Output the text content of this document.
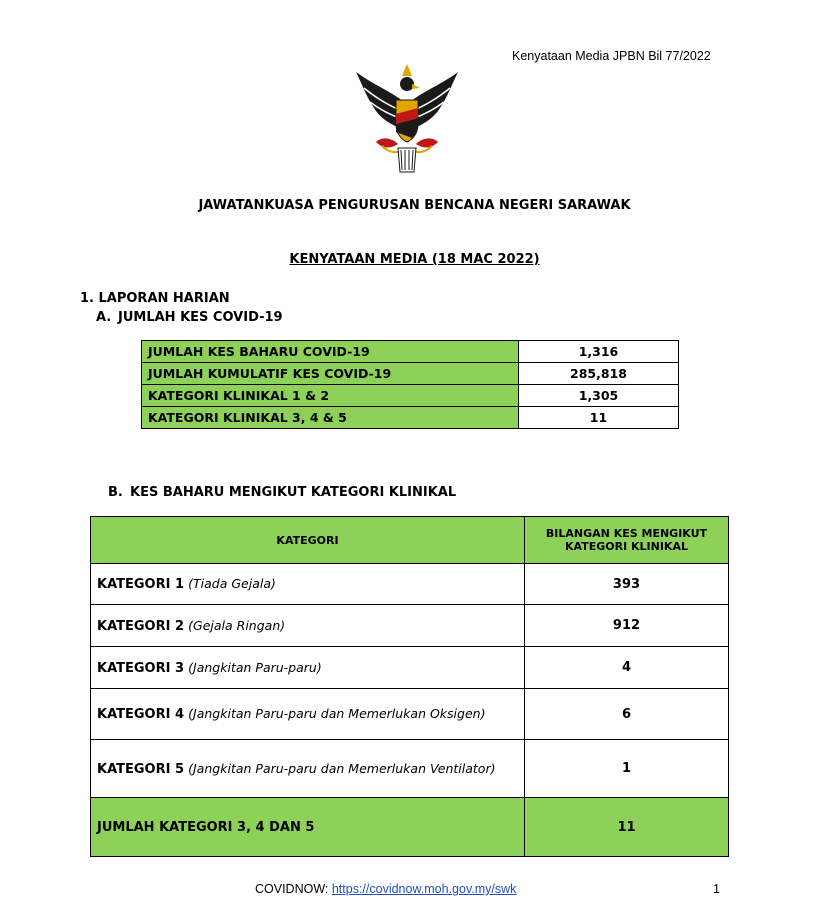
Kenyataan Media JPBN Bil 77/2022
JAWATANKUASA PENGURUSAN BENCANA NEGERI SARAWAK
KENYATAAN MEDIA (18 MAC 2022)
1. LAPORAN HARIAN
A. JUMLAH KES COVID-19
JUMLAH KES BAHARU COVID-19	1,316
JUMLAH KUMULATIF KES COVID-19	285,818
KATEGORI KLINIKAL 1 & 2	1,305
KATEGORI KLINIKAL 3, 4 & 5	11
B. KES BAHARU MENGIKUT KATEGORI KLINIKAL
KATEGORI	BILANGAN KES MENGIKUT KATEGORI KLINIKAL
KATEGORI 1 (Tiada Gejala)	393
KATEGORI 2 (Gejala Ringan)	912
KATEGORI 3 (Jangkitan Paru-paru)	4
KATEGORI 4 (Jangkitan Paru-paru dan Memerlukan Oksigen)	6
KATEGORI 5 (Jangkitan Paru-paru dan Memerlukan Ventilator)	1
JUMLAH KATEGORI 3, 4 DAN 5	11
COVIDNOW: https://covidnow.moh.gov.my/swk	1
